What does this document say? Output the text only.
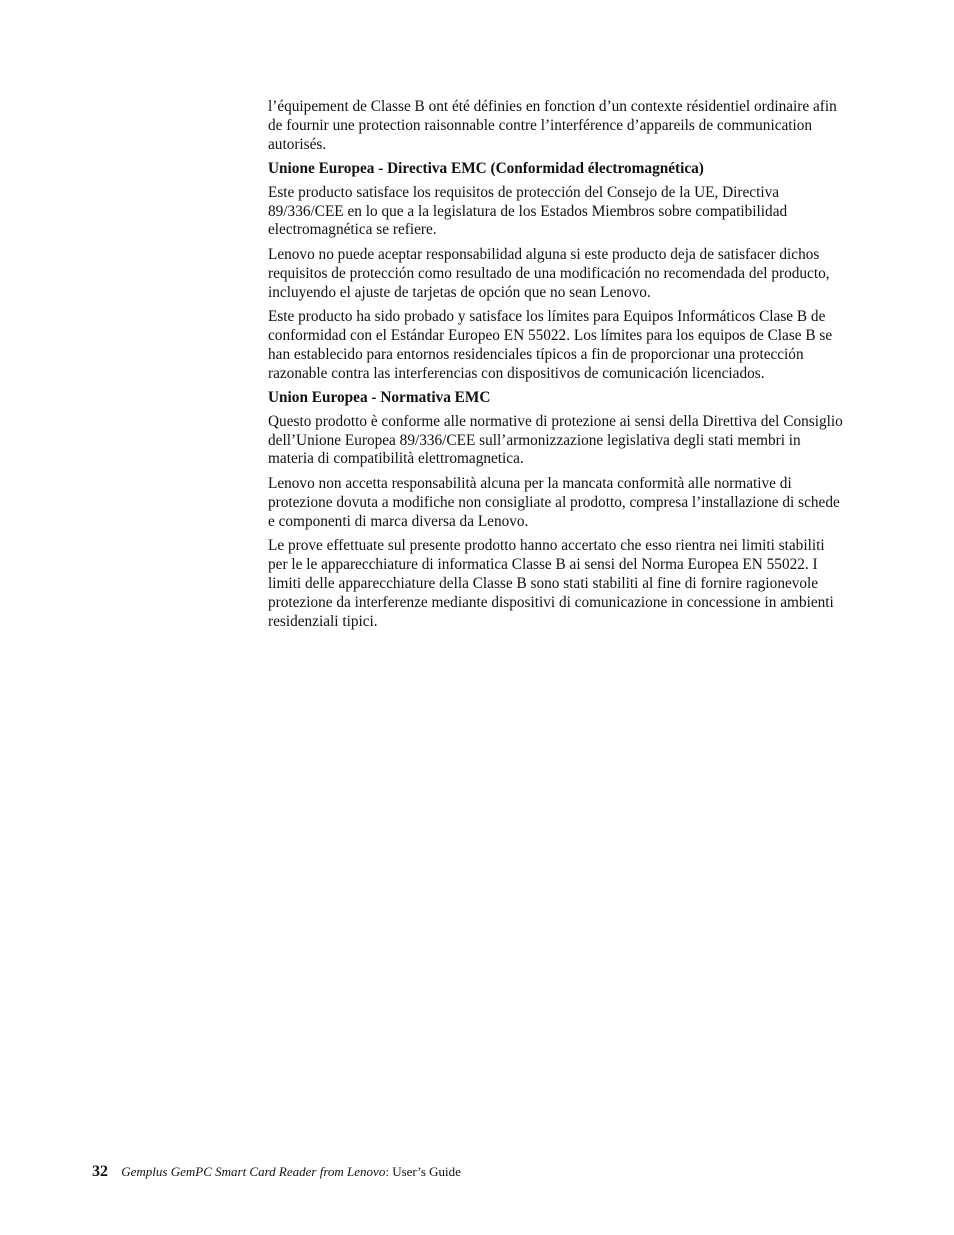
l’équipement de Classe B ont été définies en fonction d’un contexte résidentiel ordinaire afin de fournir une protection raisonnable contre l’interférence d’appareils de communication autorisés.

Unione Europea - Directiva EMC (Conformidad électromagnética)

Este producto satisface los requisitos de protección del Consejo de la UE, Directiva 89/336/CEE en lo que a la legislatura de los Estados Miembros sobre compatibilidad electromagnética se refiere.

Lenovo no puede aceptar responsabilidad alguna si este producto deja de satisfacer dichos requisitos de protección como resultado de una modificación no recomendada del producto, incluyendo el ajuste de tarjetas de opción que no sean Lenovo.

Este producto ha sido probado y satisface los límites para Equipos Informáticos Clase B de conformidad con el Estándar Europeo EN 55022. Los límites para los equipos de Clase B se han establecido para entornos residenciales típicos a fin de proporcionar una protección razonable contra las interferencias con dispositivos de comunicación licenciados.

Union Europea - Normativa EMC

Questo prodotto è conforme alle normative di protezione ai sensi della Direttiva del Consiglio dell’Unione Europea 89/336/CEE sull’armonizzazione legislativa degli stati membri in materia di compatibilità elettromagnetica.

Lenovo non accetta responsabilità alcuna per la mancata conformità alle normative di protezione dovuta a modifiche non consigliate al prodotto, compresa l’installazione di schede e componenti di marca diversa da Lenovo.

Le prove effettuate sul presente prodotto hanno accertato che esso rientra nei limiti stabiliti per le le apparecchiature di informatica Classe B ai sensi del Norma Europea EN 55022. I limiti delle apparecchiature della Classe B sono stati stabiliti al fine di fornire ragionevole protezione da interferenze mediante dispositivi di comunicazione in concessione in ambienti residenziali tipici.

32 Gemplus GemPC Smart Card Reader from Lenovo: User’s Guide
